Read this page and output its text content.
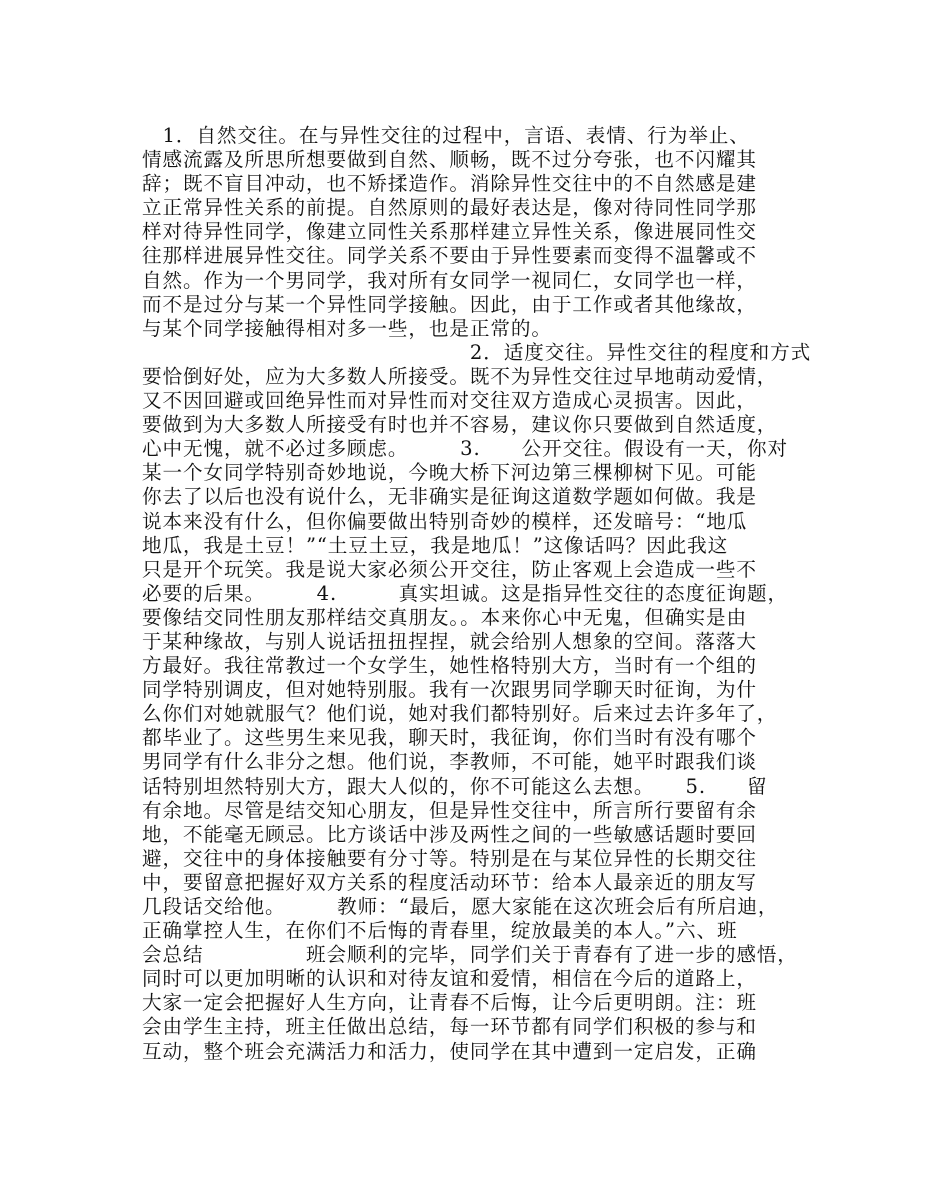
　1．自然交往。在与异性交往的过程中，言语、表情、行为举止、
情感流露及所思所想要做到自然、顺畅，既不过分夸张，也不闪耀其
辞；既不盲目冲动，也不矫揉造作。消除异性交往中的不自然感是建
立正常异性关系的前提。自然原则的最好表达是，像对待同性同学那
样对待异性同学，像建立同性关系那样建立异性关系，像进展同性交
往那样进展异性交往。同学关系不要由于异性要素而变得不温馨或不
自然。作为一个男同学，我对所有女同学一视同仁，女同学也一样，
而不是过分与某一个异性同学接触。因此，由于工作或者其他缘故，
与某个同学接触得相对多一些，也是正常的。
　　　　　　　　　　　　　　　　2．适度交往。异性交往的程度和方式
要恰倒好处，应为大多数人所接受。既不为异性交往过早地萌动爱情，
又不因回避或回绝异性而对异性而对交往双方造成心灵损害。因此，
要做到为大多数人所接受有时也并不容易，建议你只要做到自然适度，
心中无愧，就不必过多顾虑。　　　3.　　公开交往。假设有一天，你对
某一个女同学特别奇妙地说，今晚大桥下河边第三棵柳树下见。可能
你去了以后也没有说什么，无非确实是征询这道数学题如何做。我是
说本来没有什么，但你偏要做出特别奇妙的模样，还发暗号：“地瓜
地瓜，我是土豆！”“土豆土豆，我是地瓜！”这像话吗？因此我这
只是开个玩笑。我是说大家必须公开交往，防止客观上会造成一些不
必要的后果。　　　4.　　　真实坦诚。这是指异性交往的态度征询题，
要像结交同性朋友那样结交真朋友。。本来你心中无鬼，但确实是由
于某种缘故，与别人说话扭扭捏捏，就会给别人想象的空间。落落大
方最好。我往常教过一个女学生，她性格特别大方，当时有一个组的
同学特别调皮，但对她特别服。我有一次跟男同学聊天时征询，为什
么你们对她就服气？他们说，她对我们都特别好。后来过去许多年了，
都毕业了。这些男生来见我，聊天时，我征询，你们当时有没有哪个
男同学有什么非分之想。他们说，李教师，不可能，她平时跟我们谈
话特别坦然特别大方，跟大人似的，你不可能这么去想。　　5.　　留
有余地。尽管是结交知心朋友，但是异性交往中，所言所行要留有余
地，不能毫无顾忌。比方谈话中涉及两性之间的一些敏感话题时要回
避，交往中的身体接触要有分寸等。特别是在与某位异性的长期交往
中，要留意把握好双方关系的程度活动环节：给本人最亲近的朋友写
几段话交给他。　　　教师：“最后，愿大家能在这次班会后有所启迪，
正确掌控人生，在你们不后悔的青春里，绽放最美的本人。”六、班
会总结　　　　　班会顺利的完毕，同学们关于青春有了进一步的感悟，
同时可以更加明晰的认识和对待友谊和爱情，相信在今后的道路上，
大家一定会把握好人生方向，让青春不后悔，让今后更明朗。注：班
会由学生主持，班主任做出总结，每一环节都有同学们积极的参与和
互动，整个班会充满活力和活力，使同学在其中遭到一定启发，正确
